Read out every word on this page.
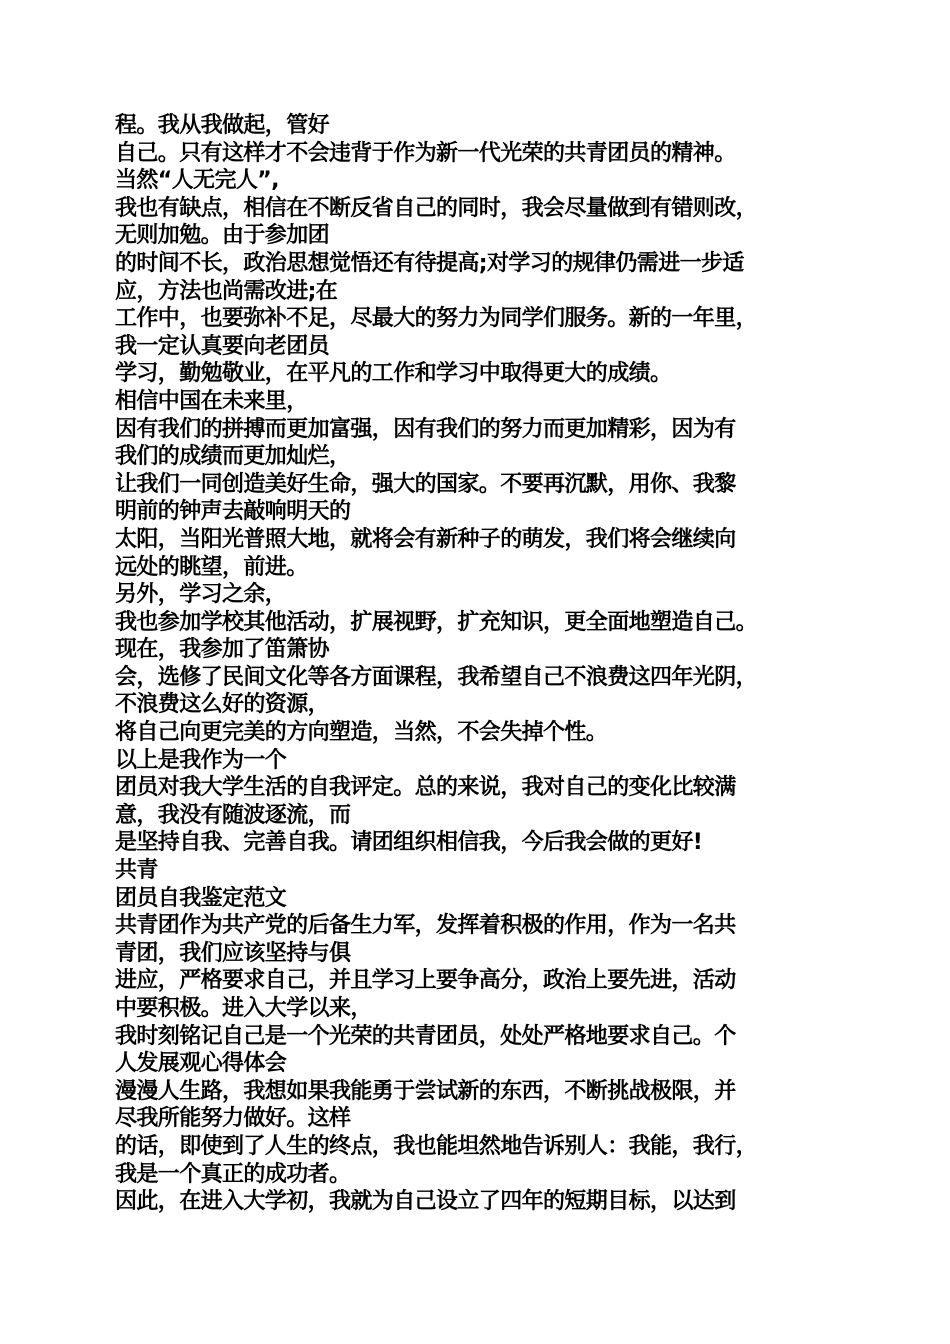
程。我从我做起，管好
自己。只有这样才不会违背于作为新一代光荣的共青团员的精神。
当然“人无完人”,
我也有缺点，相信在不断反省自己的同时，我会尽量做到有错则改，
无则加勉。由于参加团
的时间不长，政治思想觉悟还有待提高;对学习的规律仍需进一步适
应，方法也尚需改进;在
工作中，也要弥补不足，尽最大的努力为同学们服务。新的一年里，
我一定认真要向老团员
学习，勤勉敬业，在平凡的工作和学习中取得更大的成绩。
相信中国在未来里，
因有我们的拼搏而更加富强，因有我们的努力而更加精彩，因为有
我们的成绩而更加灿烂，
让我们一同创造美好生命，强大的国家。不要再沉默，用你、我黎
明前的钟声去敲响明天的
太阳，当阳光普照大地，就将会有新种子的萌发，我们将会继续向
远处的眺望，前进。
另外，学习之余，
我也参加学校其他活动，扩展视野，扩充知识，更全面地塑造自己。
现在，我参加了笛箫协
会，选修了民间文化等各方面课程，我希望自己不浪费这四年光阴，
不浪费这么好的资源，
将自己向更完美的方向塑造，当然，不会失掉个性。
以上是我作为一个
团员对我大学生活的自我评定。总的来说，我对自己的变化比较满
意，我没有随波逐流，而
是坚持自我、完善自我。请团组织相信我，今后我会做的更好!
共青
团员自我鉴定范文
共青团作为共产党的后备生力军，发挥着积极的作用，作为一名共
青团，我们应该坚持与俱
进应，严格要求自己，并且学习上要争高分，政治上要先进，活动
中要积极。进入大学以来，
我时刻铭记自己是一个光荣的共青团员，处处严格地要求自己。个
人发展观心得体会
漫漫人生路，我想如果我能勇于尝试新的东西，不断挑战极限，并
尽我所能努力做好。这样
的话，即使到了人生的终点，我也能坦然地告诉别人：我能，我行，
我是一个真正的成功者。
因此，在进入大学初，我就为自己设立了四年的短期目标，以达到
